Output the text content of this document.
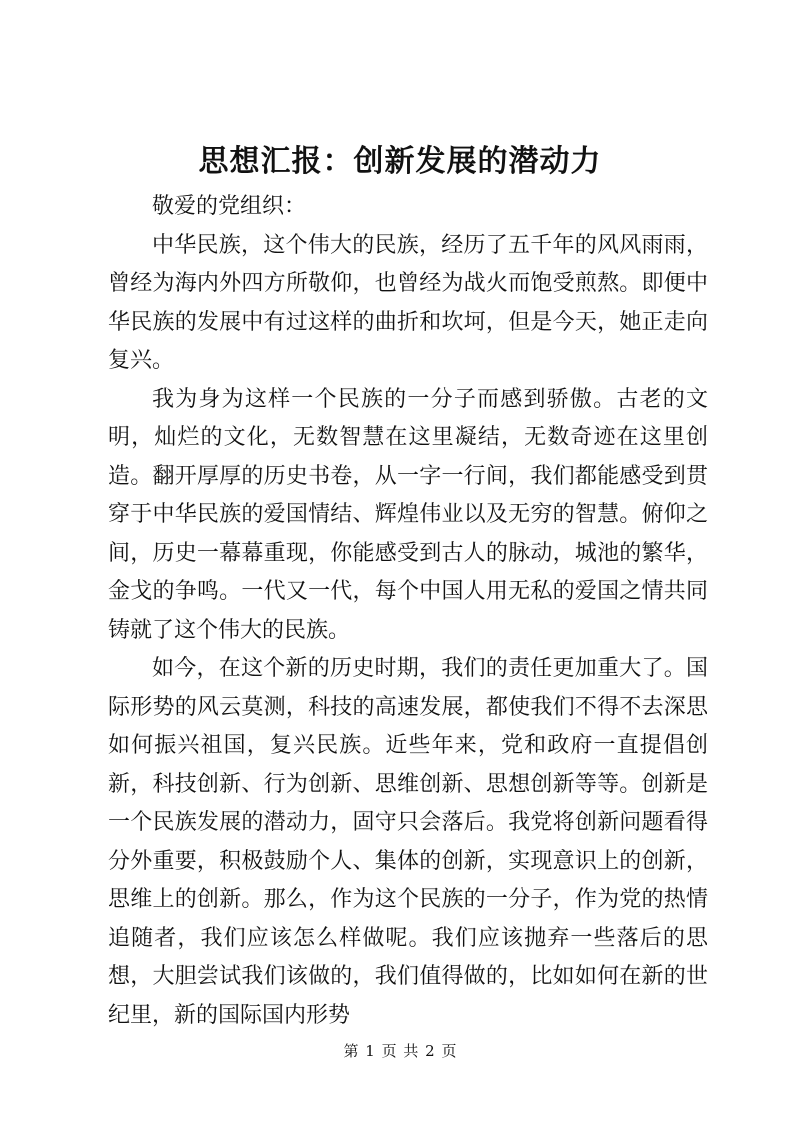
思想汇报：创新发展的潜动力

敬爱的党组织：

中华民族，这个伟大的民族，经历了五千年的风风雨雨，曾经为海内外四方所敬仰，也曾经为战火而饱受煎熬。即便中华民族的发展中有过这样的曲折和坎坷，但是今天，她正走向复兴。

我为身为这样一个民族的一分子而感到骄傲。古老的文明，灿烂的文化，无数智慧在这里凝结，无数奇迹在这里创造。翻开厚厚的历史书卷，从一字一行间，我们都能感受到贯穿于中华民族的爱国情结、辉煌伟业以及无穷的智慧。俯仰之间，历史一幕幕重现，你能感受到古人的脉动，城池的繁华，金戈的争鸣。一代又一代，每个中国人用无私的爱国之情共同铸就了这个伟大的民族。

如今，在这个新的历史时期，我们的责任更加重大了。国际形势的风云莫测，科技的高速发展，都使我们不得不去深思如何振兴祖国，复兴民族。近些年来，党和政府一直提倡创新，科技创新、行为创新、思维创新、思想创新等等。创新是一个民族发展的潜动力，固守只会落后。我党将创新问题看得分外重要，积极鼓励个人、集体的创新，实现意识上的创新，思维上的创新。那么，作为这个民族的一分子，作为党的热情追随者，我们应该怎么样做呢。我们应该抛弃一些落后的思想，大胆尝试我们该做的，我们值得做的，比如如何在新的世纪里，新的国际国内形势

第 1 页 共 2 页
